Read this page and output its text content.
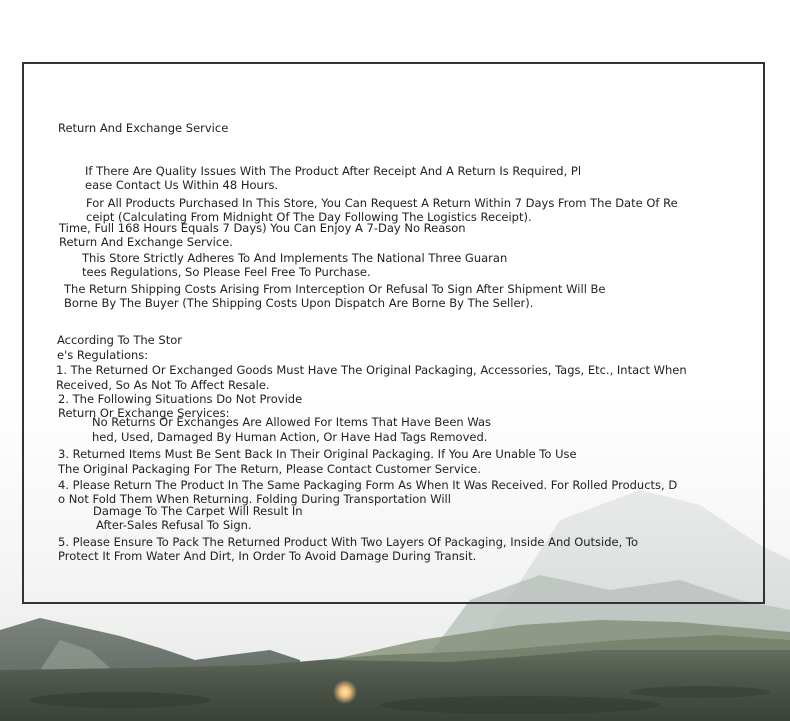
Return And Exchange Service
If There Are Quality Issues With The Product After Receipt And A Return Is Required, Pl
ease Contact Us Within 48 Hours.
For All Products Purchased In This Store, You Can Request A Return Within 7 Days From The Date Of Re
ceipt (Calculating From Midnight Of The Day Following The Logistics Receipt).
Time, Full 168 Hours Equals 7 Days) You Can Enjoy A 7-Day No Reason
Return And Exchange Service.
This Store Strictly Adheres To And Implements The National Three Guaran
tees Regulations, So Please Feel Free To Purchase.
The Return Shipping Costs Arising From Interception Or Refusal To Sign After Shipment Will Be
Borne By The Buyer (The Shipping Costs Upon Dispatch Are Borne By The Seller).
According To The Stor
e's Regulations:
1. The Returned Or Exchanged Goods Must Have The Original Packaging, Accessories, Tags, Etc., Intact When
Received, So As Not To Affect Resale.
2. The Following Situations Do Not Provide
Return Or Exchange Services:
No Returns Or Exchanges Are Allowed For Items That Have Been Was
hed, Used, Damaged By Human Action, Or Have Had Tags Removed.
3. Returned Items Must Be Sent Back In Their Original Packaging. If You Are Unable To Use
The Original Packaging For The Return, Please Contact Customer Service.
4. Please Return The Product In The Same Packaging Form As When It Was Received. For Rolled Products, D
o Not Fold Them When Returning. Folding During Transportation Will
Damage To The Carpet Will Result In
After-Sales Refusal To Sign.
5. Please Ensure To Pack The Returned Product With Two Layers Of Packaging, Inside And Outside, To
Protect It From Water And Dirt, In Order To Avoid Damage During Transit.
